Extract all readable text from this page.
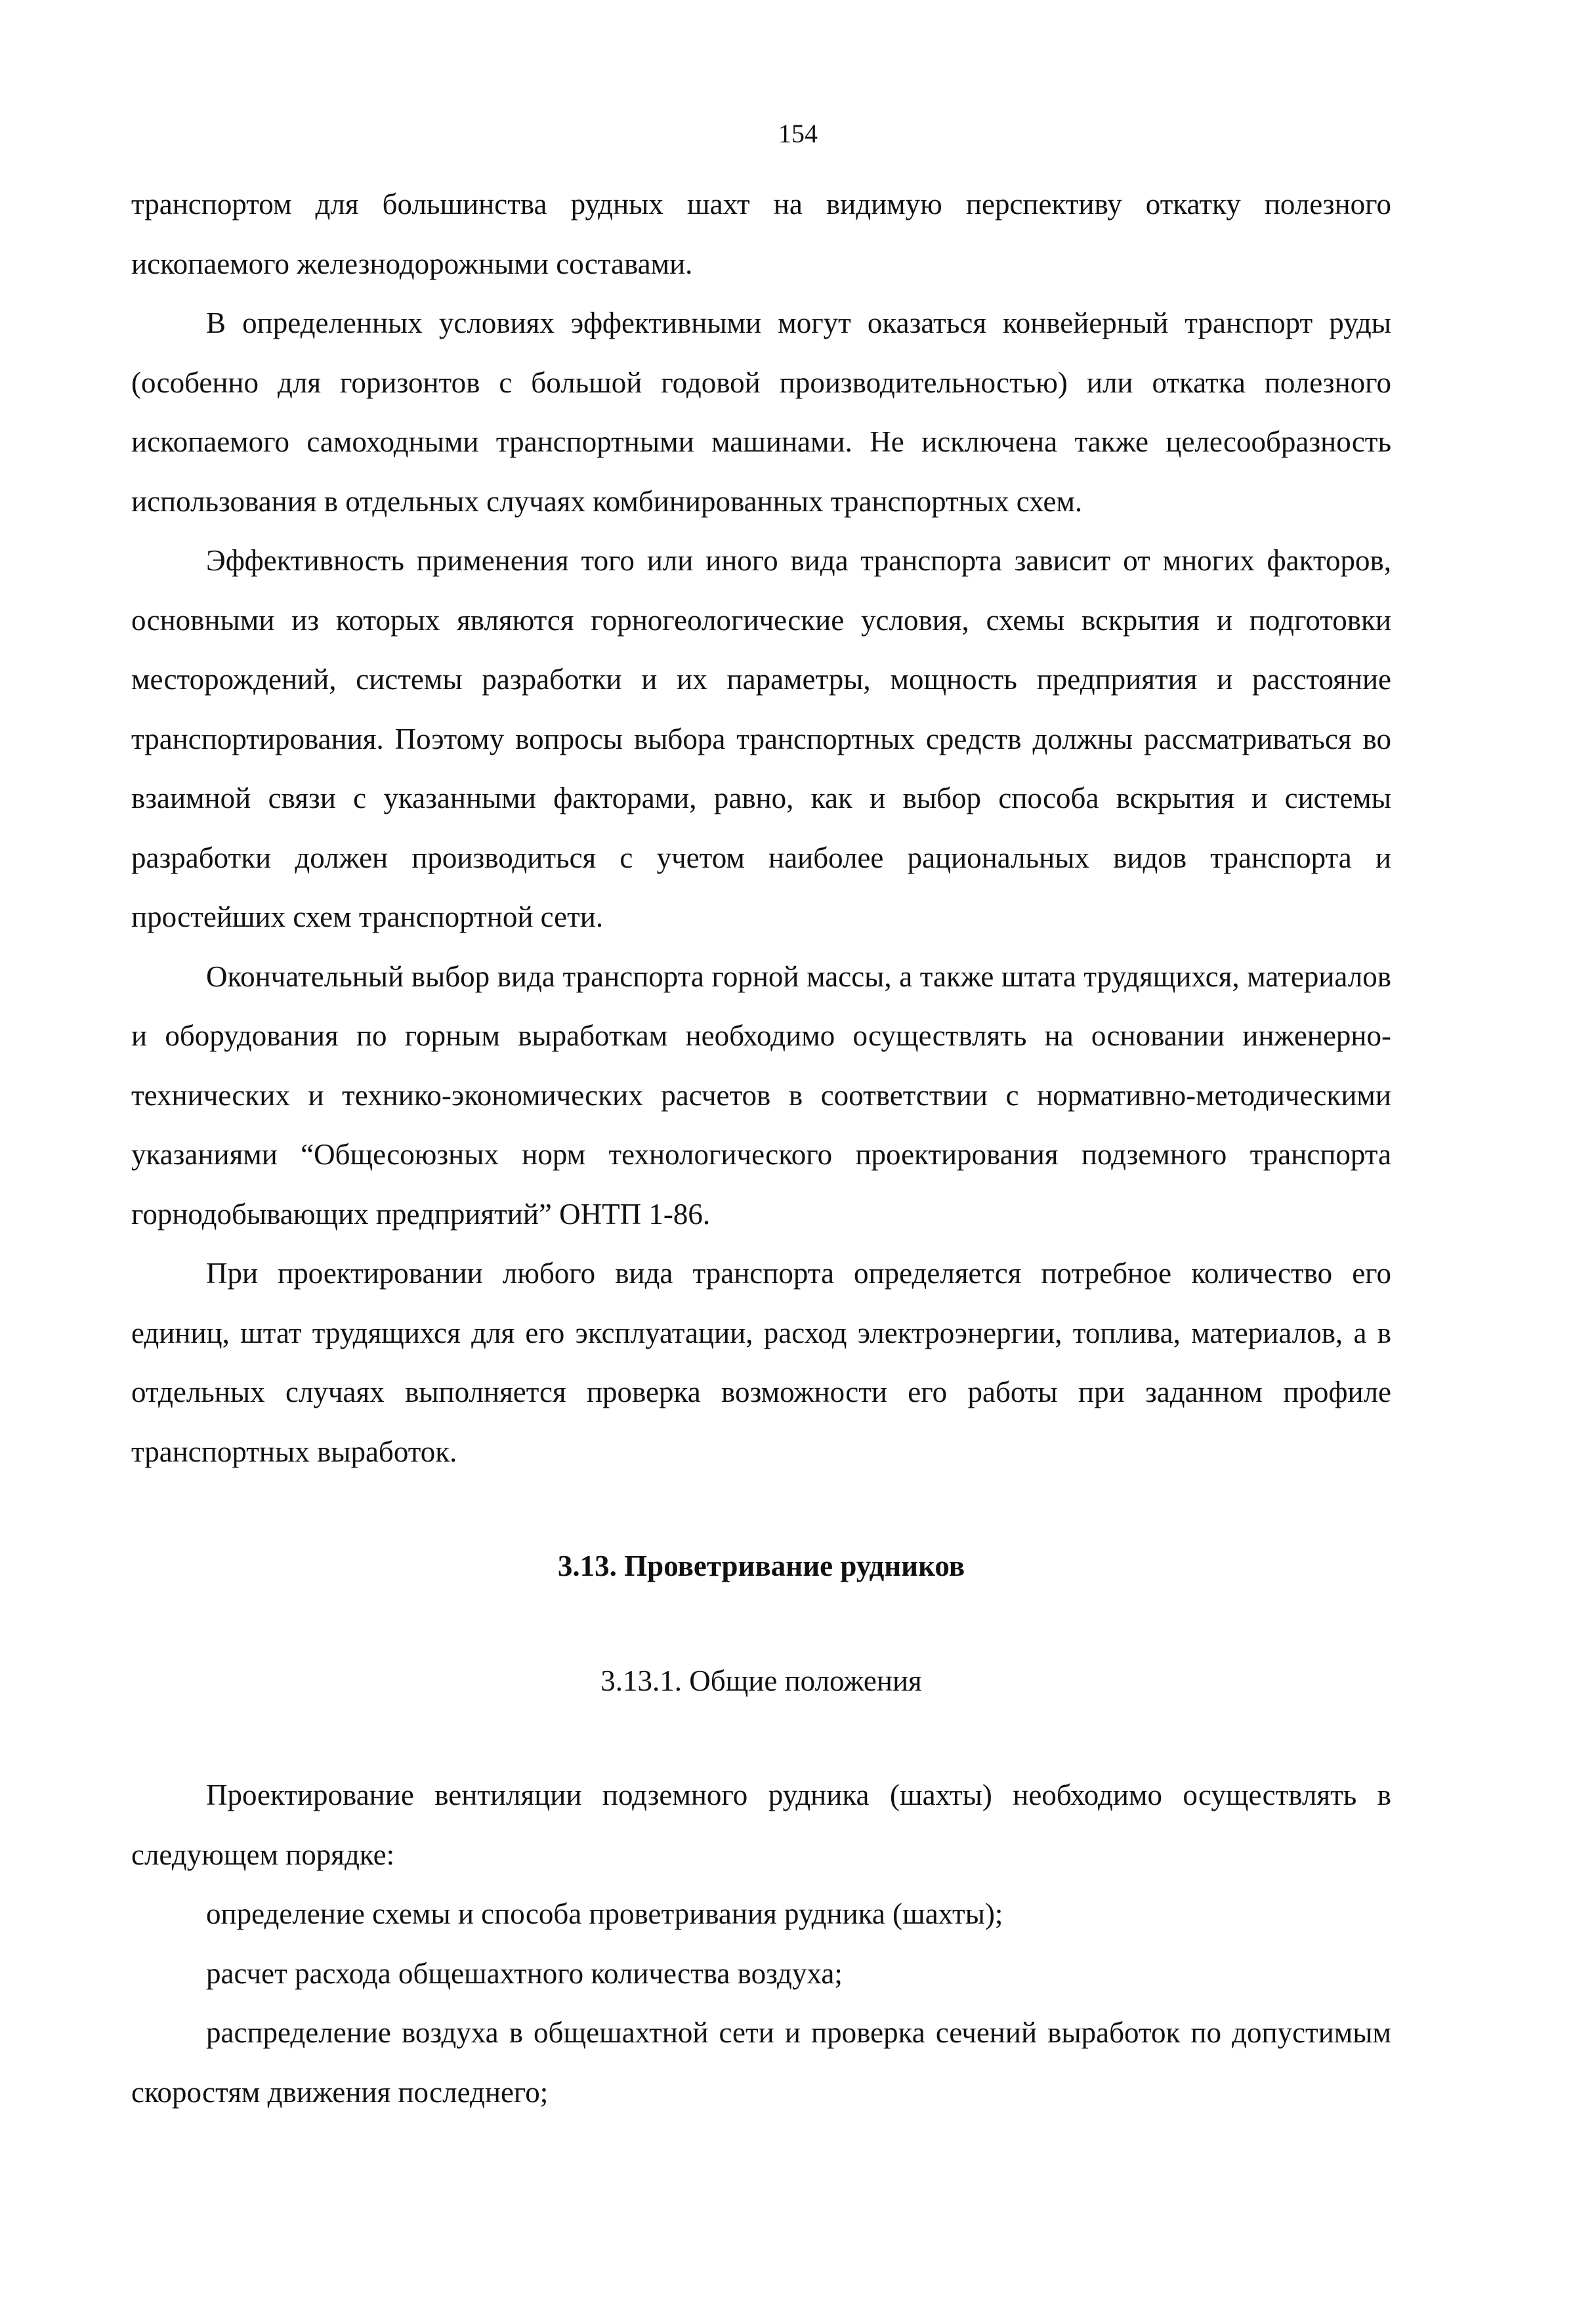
154

транспортом для большинства рудных шахт на видимую перспективу откатку полезного ископаемого железнодорожными составами.

В определенных условиях эффективными могут оказаться конвейерный транспорт руды (особенно для горизонтов с большой годовой производительностью) или откатка полезного ископаемого самоходными транспортными машинами. Не исключена также целесообразность использования в отдельных случаях комбинированных транспортных схем.

Эффективность применения того или иного вида транспорта зависит от многих факторов, основными из которых являются горногеологические условия, схемы вскрытия и подготовки месторождений, системы разработки и их параметры, мощность предприятия и расстояние транспортирования. Поэтому вопросы выбора транспортных средств должны рассматриваться во взаимной связи с указанными факторами, равно, как и выбор способа вскрытия и системы разработки должен производиться с учетом наиболее рациональных видов транспорта и простейших схем транспортной сети.

Окончательный выбор вида транспорта горной массы, а также штата трудящихся, материалов и оборудования по горным выработкам необходимо осуществлять на основании инженерно-технических и технико-экономических расчетов в соответствии с нормативно-методическими указаниями “Общесоюзных норм технологического проектирования подземного транспорта горнодобывающих предприятий” ОНТП 1-86.

При проектировании любого вида транспорта определяется потребное количество его единиц, штат трудящихся для его эксплуатации, расход электроэнергии, топлива, материалов, а в отдельных случаях выполняется проверка возможности его работы при заданном профиле транспортных выработок.

3.13. Проветривание рудников

3.13.1. Общие положения

Проектирование вентиляции подземного рудника (шахты) необходимо осуществлять в следующем порядке:

определение схемы и способа проветривания рудника (шахты);

расчет расхода общешахтного количества воздуха;

распределение воздуха в общешахтной сети и проверка сечений выработок по допустимым скоростям движения последнего;
